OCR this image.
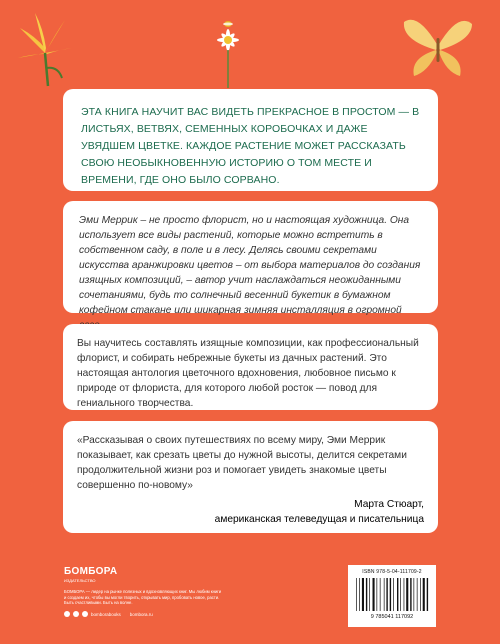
ЭТА КНИГА НАУЧИТ ВАС ВИДЕТЬ ПРЕКРАСНОЕ В ПРОСТОМ — В ЛИСТЬЯХ, ВЕТВЯХ, СЕМЕННЫХ КОРОБОЧКАХ И ДАЖЕ УВЯДШЕМ ЦВЕТКЕ. КАЖДОЕ РАСТЕНИЕ МОЖЕТ РАССКАЗАТЬ СВОЮ НЕОБЫКНОВЕННУЮ ИСТОРИЮ О ТОМ МЕСТЕ И ВРЕМЕНИ, ГДЕ ОНО БЫЛО СОРВАНО.

Эми Меррик – не просто флорист, но и настоящая художница. Она использует все виды растений, которые можно встретить в собственном саду, в поле и в лесу. Делясь своими секретами искусства аранжировки цветов – от выбора материалов до создания изящных композиций, – автор учит наслаждаться неожиданными сочетаниями, будь то солнечный весенний букетик в бумажном кофейном стакане или шикарная зимняя инсталляция в огромной

Вы научитесь составлять изящные композиции, как профессиональный флорист, и собирать небрежные букеты из дачных растений. Это настоящая антология цветочного вдохновения, любовное письмо к природе от флориста, для которого любой росток — повод для гениального творчества.

«Рассказывая о своих путешествиях по всему миру, Эми Меррик показывает, как срезать цветы до нужной высоты, делится секретами продолжительной жизни роз и помогает увидеть знакомые цветы совершенно по-новому»

Марта Стюарт,
американская телеведущая и писательница
БОМБОРА
ИЗДАТЕЛЬСТВО
БОМБОРА — лидер на рынке полезных и вдохновляющих книг. Мы любим книги и создаем их, чтобы вы могли творить, открывать мир, пробовать новое, расти. Быть счастливыми. Быть на волне.
bomborabooks bombora.ru
ISBN 978-5-04-111709-2
9 785041 117092
